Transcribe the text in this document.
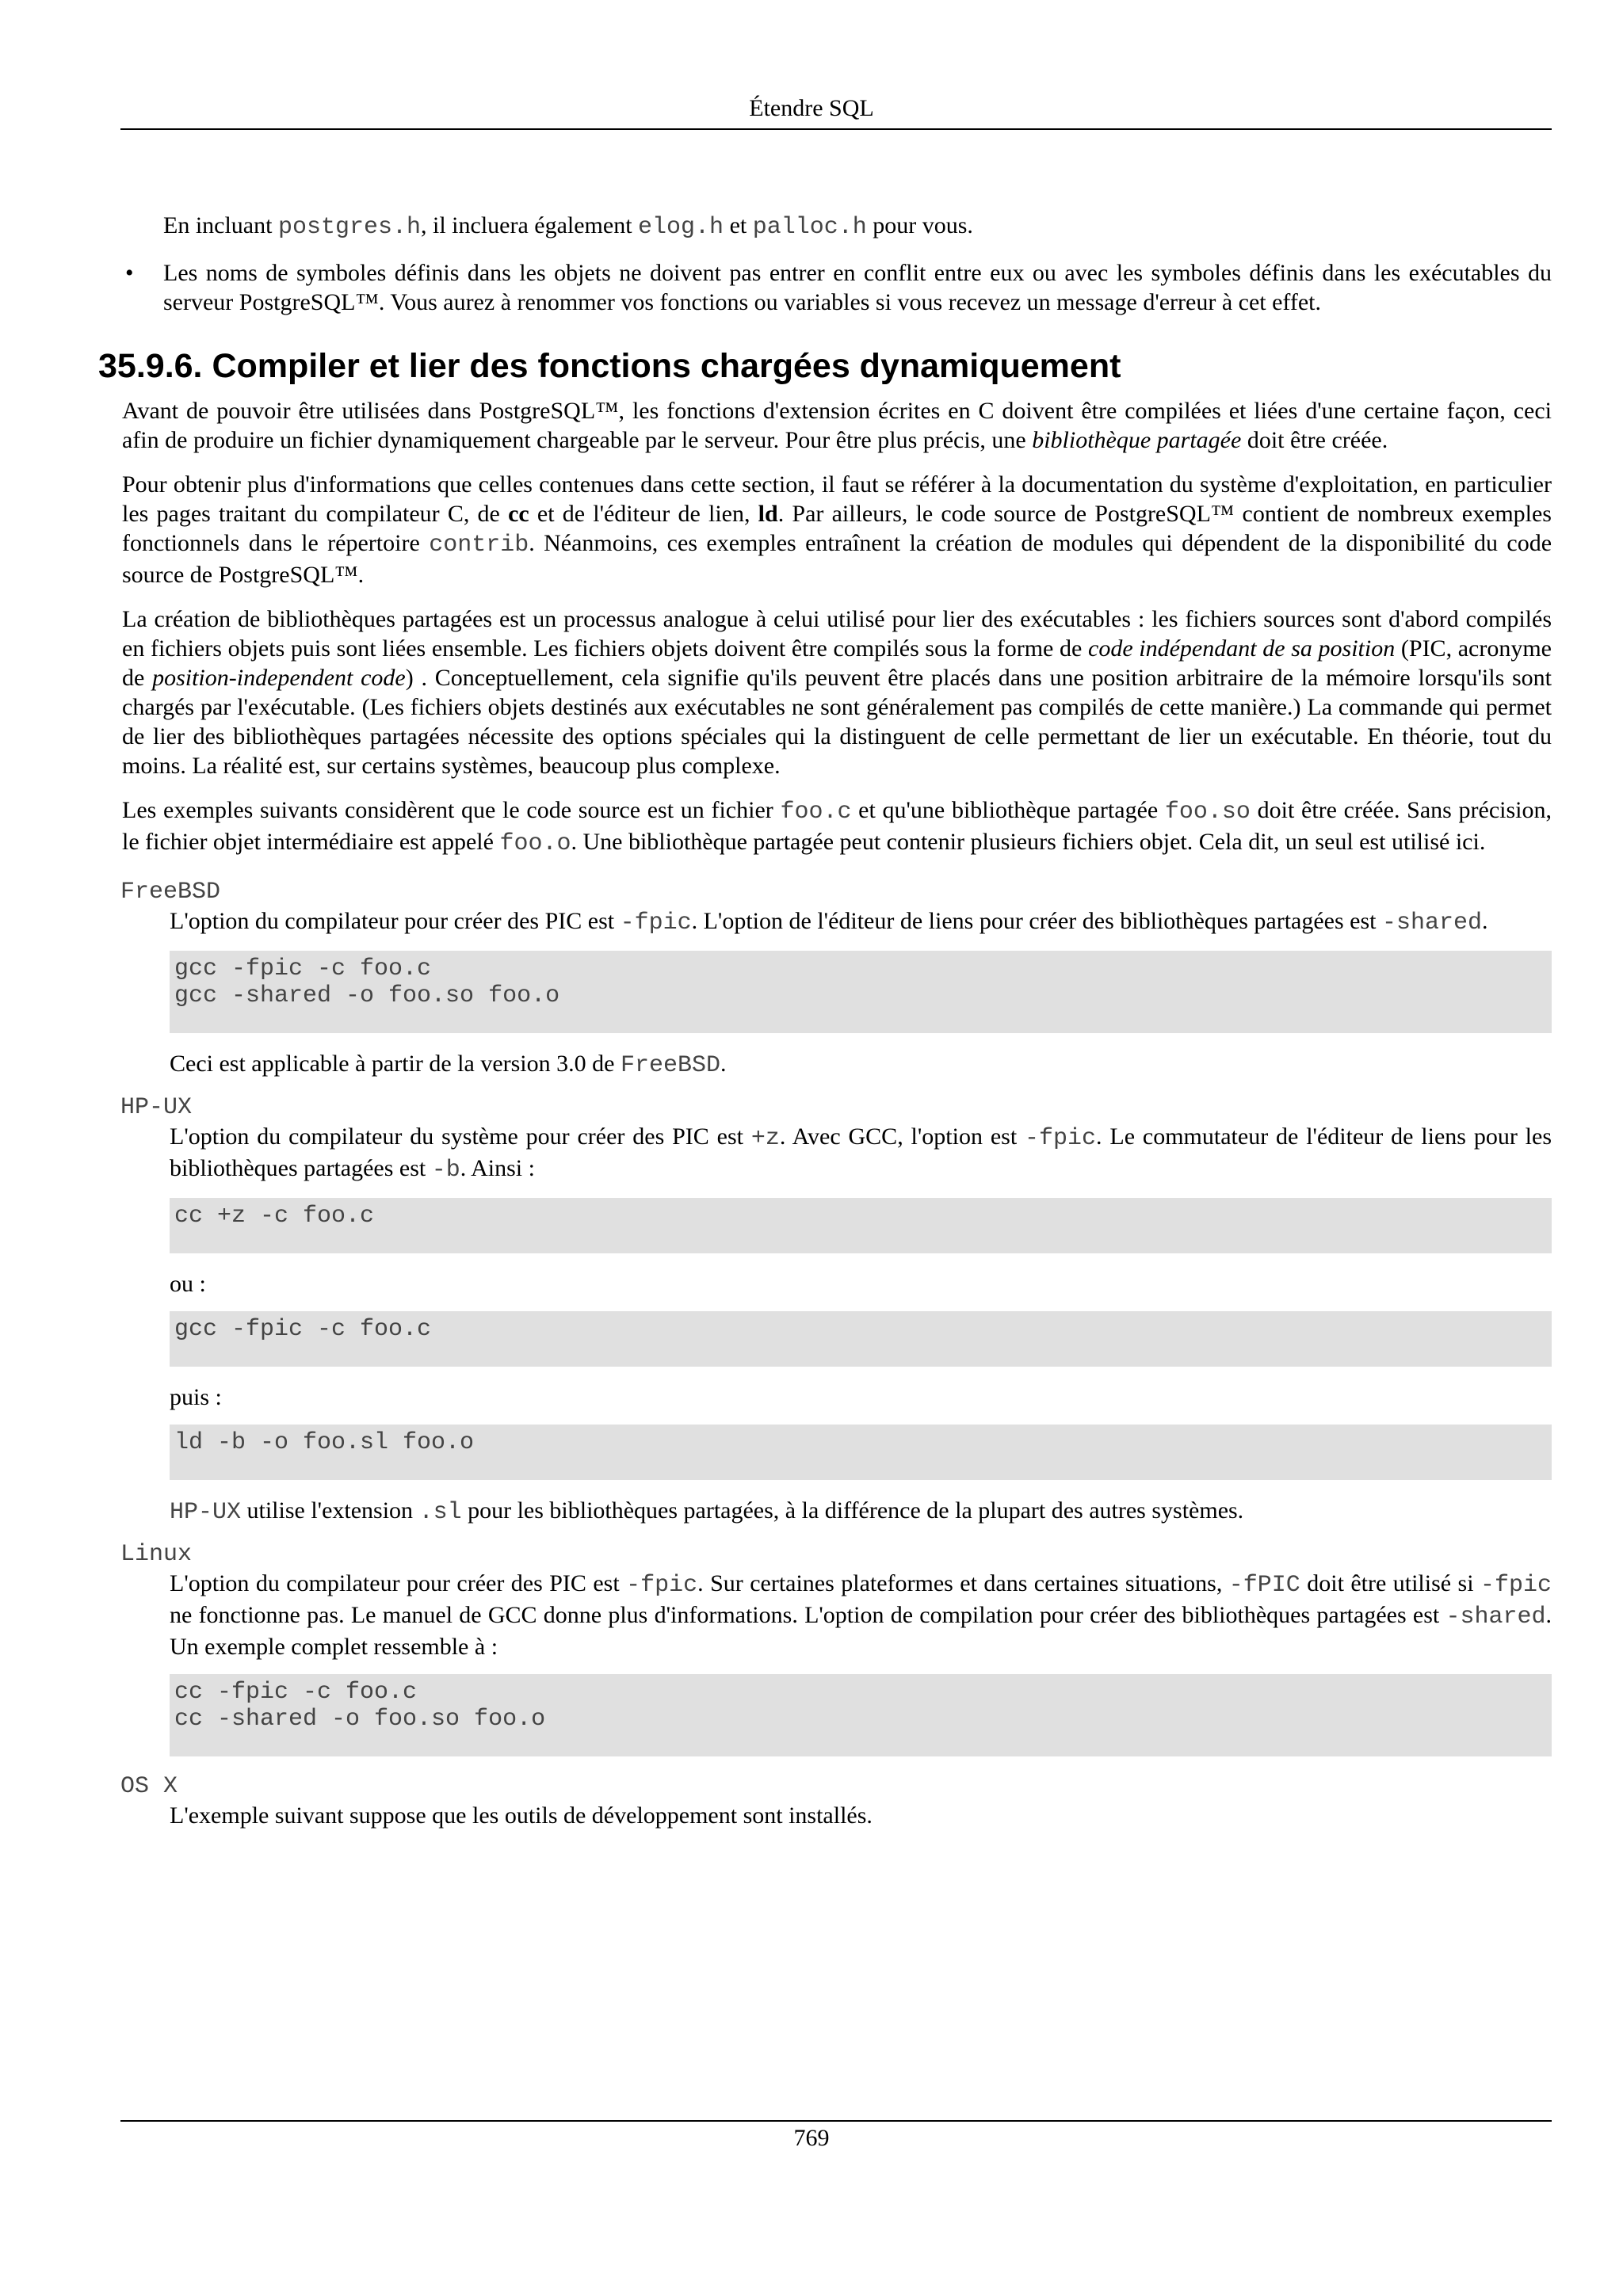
Étendre SQL

En incluant postgres.h, il incluera également elog.h et palloc.h pour vous.

• Les noms de symboles définis dans les objets ne doivent pas entrer en conflit entre eux ou avec les symboles définis dans les exécutables du serveur PostgreSQL™. Vous aurez à renommer vos fonctions ou variables si vous recevez un message d'erreur à cet effet.

35.9.6. Compiler et lier des fonctions chargées dynamiquement

Avant de pouvoir être utilisées dans PostgreSQL™, les fonctions d'extension écrites en C doivent être compilées et liées d'une certaine façon, ceci afin de produire un fichier dynamiquement chargeable par le serveur. Pour être plus précis, une bibliothèque partagée doit être créée.

Pour obtenir plus d'informations que celles contenues dans cette section, il faut se référer à la documentation du système d'exploitation, en particulier les pages traitant du compilateur C, de cc et de l'éditeur de lien, ld. Par ailleurs, le code source de PostgreSQL™ contient de nombreux exemples fonctionnels dans le répertoire contrib. Néanmoins, ces exemples entraînent la création de modules qui dépendent de la disponibilité du code source de PostgreSQL™.

La création de bibliothèques partagées est un processus analogue à celui utilisé pour lier des exécutables : les fichiers sources sont d'abord compilés en fichiers objets puis sont liées ensemble. Les fichiers objets doivent être compilés sous la forme de code indépendant de sa position (PIC, acronyme de position-independent code) . Conceptuellement, cela signifie qu'ils peuvent être placés dans une position arbitraire de la mémoire lorsqu'ils sont chargés par l'exécutable. (Les fichiers objets destinés aux exécutables ne sont généralement pas compilés de cette manière.) La commande qui permet de lier des bibliothèques partagées nécessite des options spéciales qui la distinguent de celle permettant de lier un exécutable. En théorie, tout du moins. La réalité est, sur certains systèmes, beaucoup plus complexe.

Les exemples suivants considèrent que le code source est un fichier foo.c et qu'une bibliothèque partagée foo.so doit être créée. Sans précision, le fichier objet intermédiaire est appelé foo.o. Une bibliothèque partagée peut contenir plusieurs fichiers objet. Cela dit, un seul est utilisé ici.

FreeBSD

L'option du compilateur pour créer des PIC est -fpic. L'option de l'éditeur de liens pour créer des bibliothèques partagées est -shared.

gcc -fpic -c foo.c
gcc -shared -o foo.so foo.o

Ceci est applicable à partir de la version 3.0 de FreeBSD.

HP-UX

L'option du compilateur du système pour créer des PIC est +z. Avec GCC, l'option est -fpic. Le commutateur de l'éditeur de liens pour les bibliothèques partagées est -b. Ainsi :

cc +z -c foo.c

ou :

gcc -fpic -c foo.c

puis :

ld -b -o foo.sl foo.o

HP-UX utilise l'extension .sl pour les bibliothèques partagées, à la différence de la plupart des autres systèmes.

Linux

L'option du compilateur pour créer des PIC est -fpic. Sur certaines plateformes et dans certaines situations, -fPIC doit être utilisé si -fpic ne fonctionne pas. Le manuel de GCC donne plus d'informations. L'option de compilation pour créer des bibliothèques partagées est -shared. Un exemple complet ressemble à :

cc -fpic -c foo.c
cc -shared -o foo.so foo.o
OS X

L'exemple suivant suppose que les outils de développement sont installés.

769
